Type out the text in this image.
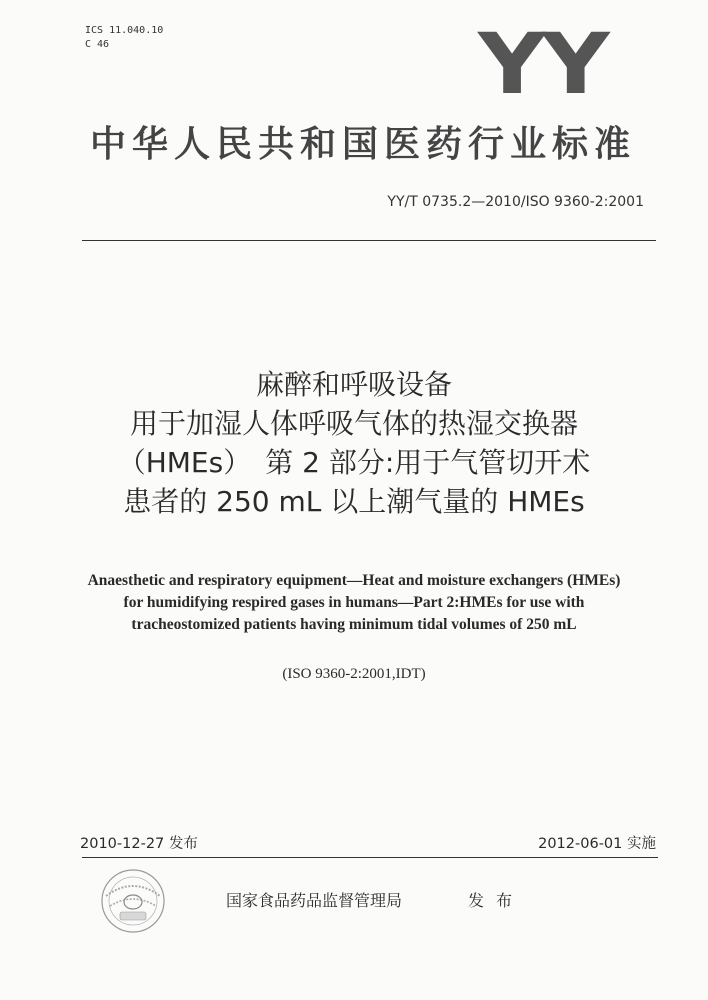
ICS 11.040.10
C 46	YY
中华人民共和国医药行业标准
YY/T 0735.2—2010/ISO 9360-2:2001
麻醉和呼吸设备
用于加湿人体呼吸气体的热湿交换器
（HMEs）　第 2 部分:用于气管切开术
患者的 250 mL 以上潮气量的 HMEs
Anaesthetic and respiratory equipment—Heat and moisture exchangers (HMEs)
for humidifying respired gases in humans—Part 2:HMEs for use with
tracheostomized patients having minimum tidal volumes of 250 mL
(ISO 9360-2:2001,IDT)
2010-12-27 发布	2012-06-01 实施
国家食品药品监督管理局	发布
